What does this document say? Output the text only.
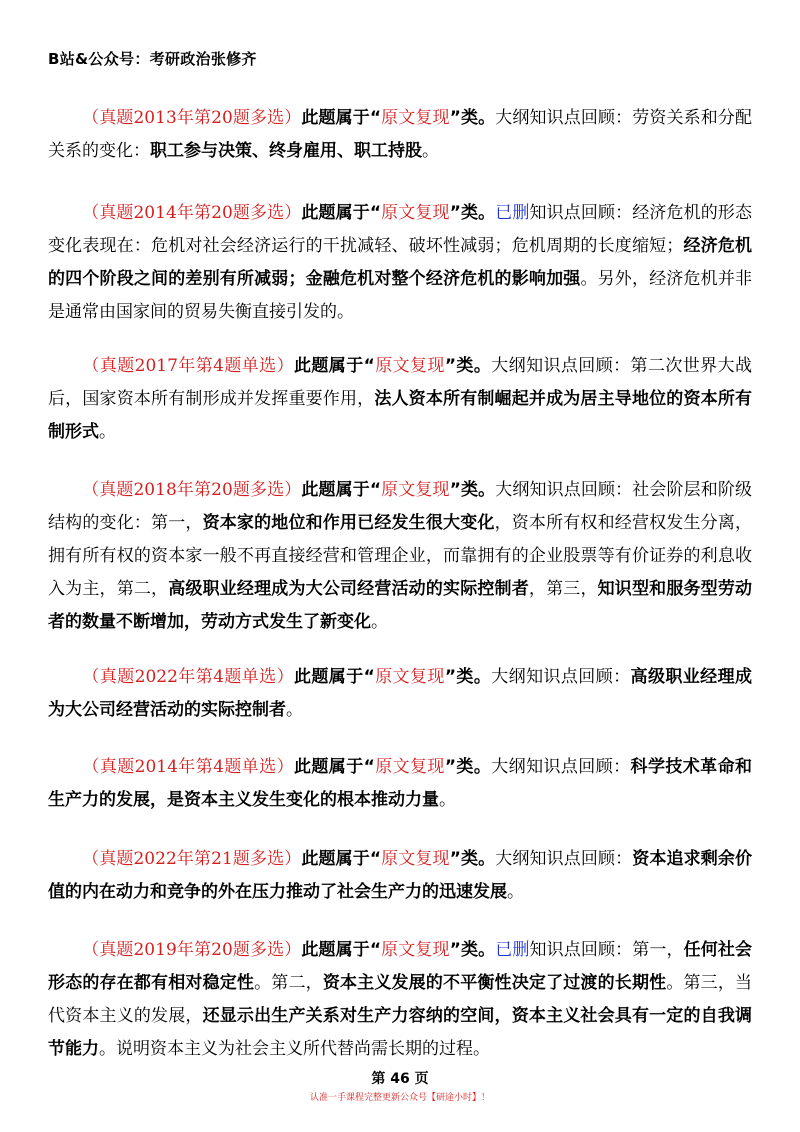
B站&公众号：考研政治张修齐
（真题2013年第20题多选）此题属于“原文复现”类。大纲知识点回顾：劳资关系和分配关系的变化：职工参与决策、终身雇用、职工持股。
（真题2014年第20题多选）此题属于“原文复现”类。已删知识点回顾：经济危机的形态变化表现在：危机对社会经济运行的干扰减轻、破坏性减弱；危机周期的长度缩短；经济危机的四个阶段之间的差别有所减弱；金融危机对整个经济危机的影响加强。另外，经济危机并非是通常由国家间的贸易失衡直接引发的。
（真题2017年第4题单选）此题属于“原文复现”类。大纲知识点回顾：第二次世界大战后，国家资本所有制形成并发挥重要作用，法人资本所有制崛起并成为居主导地位的资本所有制形式。
（真题2018年第20题多选）此题属于“原文复现”类。大纲知识点回顾：社会阶层和阶级结构的变化：第一，资本家的地位和作用已经发生很大变化，资本所有权和经营权发生分离，拥有所有权的资本家一般不再直接经营和管理企业，而靠拥有的企业股票等有价证券的利息收入为主，第二，高级职业经理成为大公司经营活动的实际控制者，第三，知识型和服务型劳动者的数量不断增加，劳动方式发生了新变化。
（真题2022年第4题单选）此题属于“原文复现”类。大纲知识点回顾：高级职业经理成为大公司经营活动的实际控制者。
（真题2014年第4题单选）此题属于“原文复现”类。大纲知识点回顾：科学技术革命和生产力的发展，是资本主义发生变化的根本推动力量。
（真题2022年第21题多选）此题属于“原文复现”类。大纲知识点回顾：资本追求剩余价值的内在动力和竞争的外在压力推动了社会生产力的迅速发展。
（真题2019年第20题多选）此题属于“原文复现”类。已删知识点回顾：第一，任何社会形态的存在都有相对稳定性。第二，资本主义发展的不平衡性决定了过渡的长期性。第三，当代资本主义的发展，还显示出生产关系对生产力容纳的空间，资本主义社会具有一定的自我调节能力。说明资本主义为社会主义所代替尚需长期的过程。
第 46 页
认准一手课程完整更新公众号【研途小时】！
